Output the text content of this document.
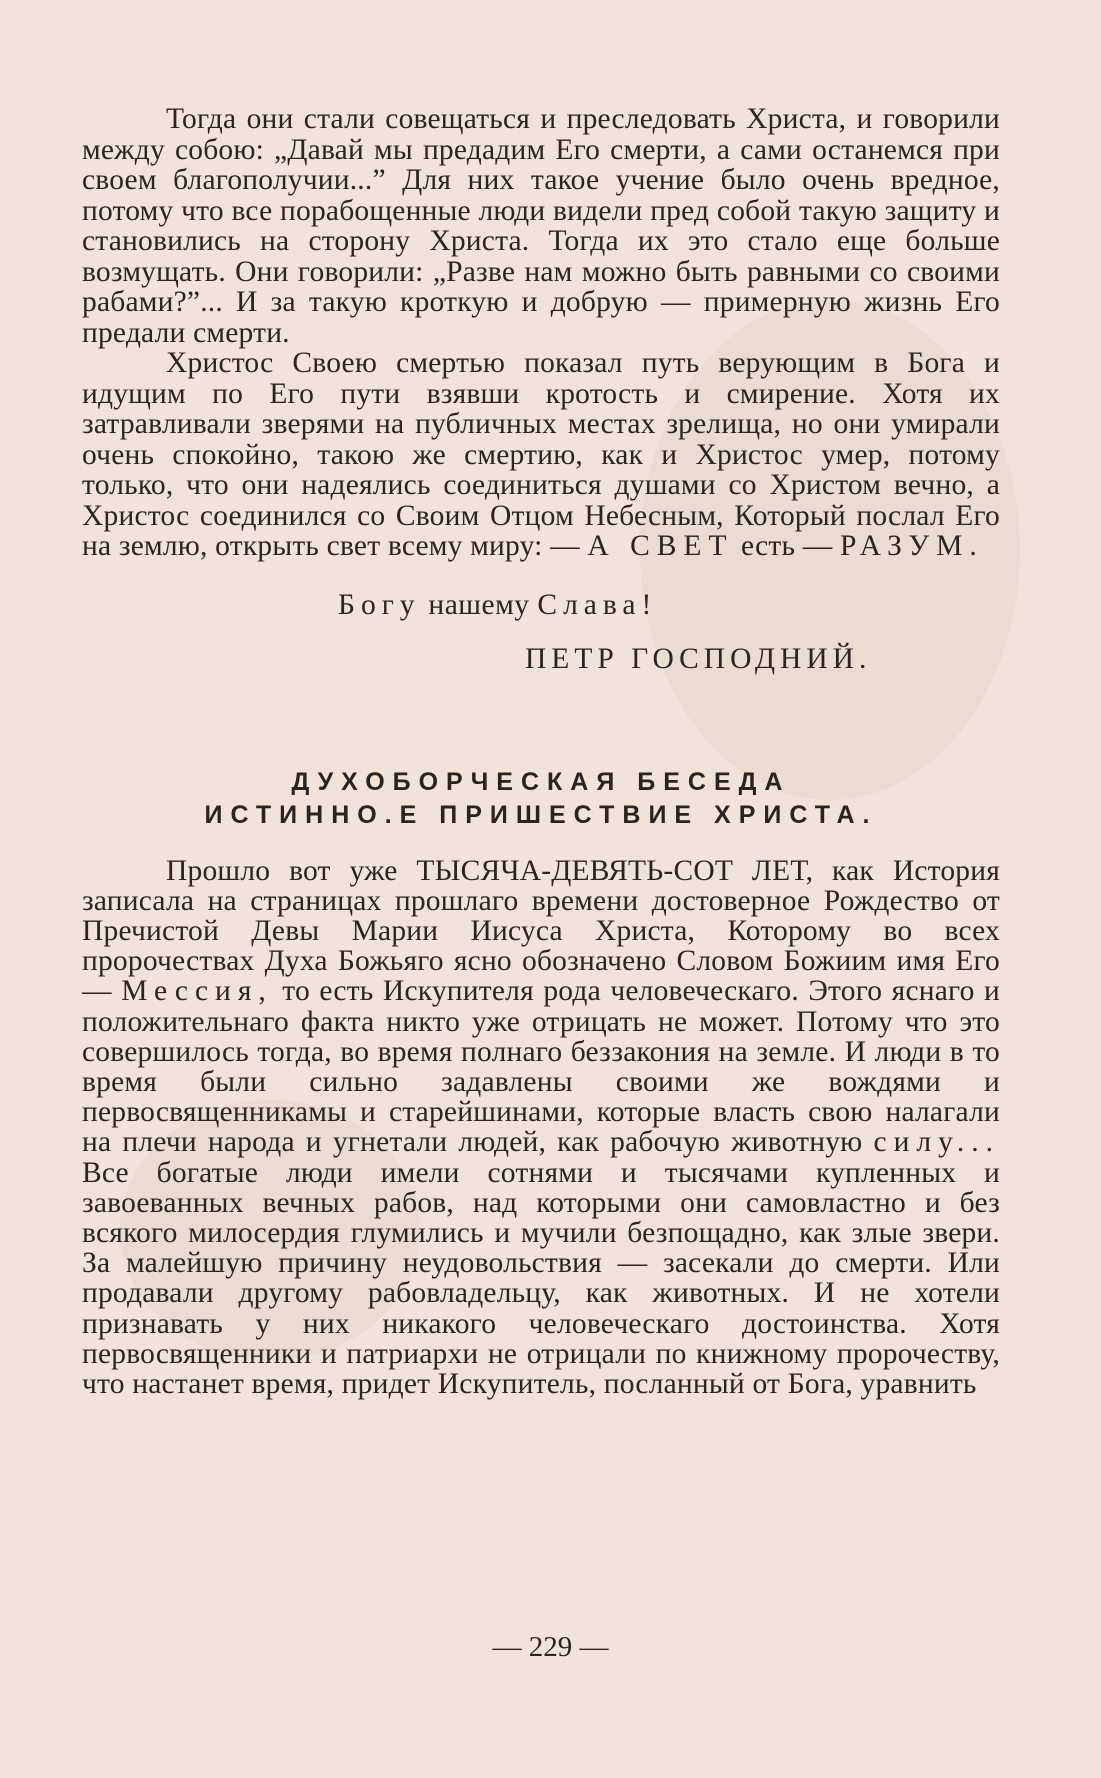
Тогда они стали совещаться и преследовать Христа, и говорили между собою: „Давай мы предадим Его смерти, а сами останемся при своем благополучии...” Для них такое учение было очень вредное, потому что все порабощенные люди видели пред собой такую защиту и становились на сторону Христа. Тогда их это стало еще больше возмущать. Они говорили: „Разве нам можно быть равными со своими рабами?”... И за такую кроткую и добрую — примерную жизнь Его предали смерти.

Христос Своею смертью показал путь верующим в Бога и идущим по Его пути взявши кротость и смирение. Хотя их затравливали зверями на публичных местах зрелища, но они умирали очень спокойно, такою же смертию, как и Христос умер, потому только, что они надеялись соединиться душами со Христом вечно, а Христос соединился со Своим Отцом Небесным, Который послал Его на землю, открыть свет всему миру: — А СВЕТ есть — РАЗУМ.

Богу нашему Слава!
ПЕТР ГОСПОДНИЙ.
ДУХОБОРЧЕСКАЯ БЕСЕДА
ИСТИННО.Е ПРИШЕСТВИЕ ХРИСТА.

Прошло вот уже ТЫСЯЧА-ДЕВЯТЬ-СОТ ЛЕТ, как История записала на страницах прошлаго времени достоверное Рождество от Пречистой Девы Марии Иисуса Христа, Которому во всех пророчествах Духа Божьяго ясно обозначено Словом Божиим имя Его — Мессия, то есть Искупителя рода человеческаго. Этого яснаго и положительнаго факта никто уже отрицать не может. Потому что это совершилось тогда, во время полнаго беззакония на земле. И люди в то время были сильно задавлены своими же вождями и первосвященникамы и старейшинами, которые власть свою налагали на плечи народа и угнетали людей, как рабочую животную силу... Все богатые люди имели сотнями и тысячами купленных и завоеванных вечных рабов, над которыми они самовластно и без всякого милосердия глумились и мучили безпощадно, как злые звери. За малейшую причину неудовольствия — засекали до смерти. Или продавали другому рабовладельцу, как животных. И не хотели признавать у них никакого человеческаго достоинства. Хотя первосвященники и патриархи не отрицали по книжному пророчеству, что настанет время, придет Искупитель, посланный от Бога, уравнить

— 229 —
